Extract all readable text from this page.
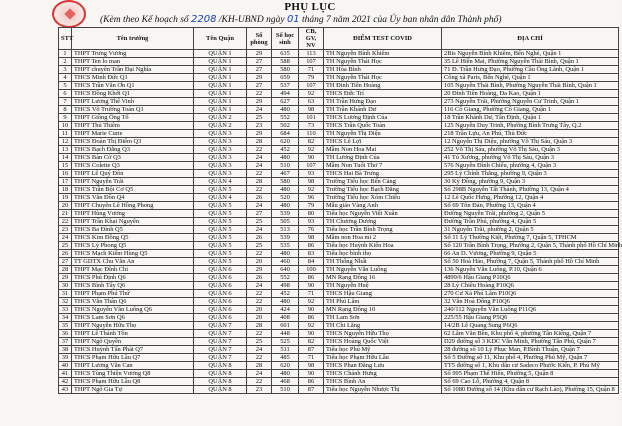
PHỤ LỤC
(Kèm theo Kế hoạch số 2208 /KH-UBND ngày 01 tháng 7 năm 2021 của Ủy ban nhân dân Thành phố)
STT	Tên trường	Tên Quận	Số phòng	Số học sinh	CB, GV, NV	ĐIỂM TEST COVID	ĐỊA CHỈ
1	THPT Trưng Vương	QUẬN 1	29	635	113	TH Nguyễn Bỉnh Khiêm	2Bis Nguyễn Bỉnh Khiêm, Bến Nghé, Quận 1
2	THPT Ten lo man	QUẬN 1	27	588	107	TH Nguyễn Thái Học	35 Lê Hiền Mai, Phường Nguyễn Thái Bình, Quận 1
3	THPT chuyên Trần Đại Nghĩa	QUẬN 1	27	580	71	TH Hòa Bình	71 Đ. Trần Hưng Đạo, Phường Cầu Ông Lãnh, Quận 1
4	THCS Minh Đức Q1	QUẬN 1	29	659	79	TH Nguyễn Thái Học	Công xã Paris, Bến Nghé, Quận 1
5	THCS Trần Văn Ơn Q1	QUẬN 1	27	537	107	TH Đinh Tiên Hoàng	105 Nguyễn Thái Bình, Phường Nguyễn Thái Bình, Quận 1
6	THCS Đồng Khởi Q1	QUẬN 1	22	494	92	THCS Đức Trí	20 Đinh Tiên Hoàng, Đa Kao, Quận 1
7	THPT Lương Thế Vinh	QUẬN 1	29	627	63	TH Trần Hưng Đạo	273 Nguyễn Trãi, Phường Nguyễn Cư Trinh, Quận 1
8	THCS Võ Trường Toản Q1	QUẬN 1	24	480	98	TH Trần Khánh Dư	116 Cô Giang, Phường Cô Giang, Quận 1
9	THPT Giồng Ông Tố	QUẬN 2	25	552	101	THCS Lương Định Của	18 Trần Khánh Dư, Tân Định, Quận 1
10	THPT Thủ Thiêm	QUẬN 2	23	502	73	THCS Trần Quốc Toản	125 Nguyễn Duy Trinh, Phường Bình Trưng Tây, Q.2
11	THPT Marie Curie	QUẬN 3	29	684	110	TH Nguyễn Thị Diệu	218 Trần Lựu, An Phú, Thủ Đức
12	THCS Đoàn Thị Điểm Q3	QUẬN 3	28	620	82	THCS Lê Lợi	12 Nguyễn Thị Diệu, phường Võ Thị Sáu, Quận 3
13	THCS Bạch Đằng Q3	QUẬN 3	22	452	92	Mầm Non Hoa Mai	252 Võ Thị Sáu, phường Võ Thị Sáu, Quận 3
14	THCS Bàn Cờ Q3	QUẬN 3	24	480	90	TH Lương Định Của	41 Tú Xương, phường Võ Thị Sáu, Quận 3
15	THCS Colette Q3	QUẬN 3	24	510	107	Mầm Non Tuổi Thơ 7	576 Nguyễn Đình Chiểu, phường 4, Quận 3
16	THPT Lê Quý Đôn	QUẬN 3	22	467	93	THCS Hai Bà Trưng	295 Lý Chính Thắng, phường 9, Quận 3
17	THPT Nguyễn Trãi	QUẬN 4	28	580	98	Trường Tiểu học Bến Cảng	30 Kỳ Đồng, phường 9, Quận 3
18	THCS Trần Bội Cơ Q5	QUẬN 5	22	480	92	Trường Tiểu học Bạch Đằng	Số 298B Nguyễn Tất Thành, Phường 13, Quận 4
19	THCS Văn Đồn Q4	QUẬN 4	26	520	96	Trường Tiểu học Xóm Chiếu	12 Lê Quốc Hưng, Phường 12, Quận 4
20	THPT Chuyên Lê Hồng Phong	QUẬN 5	24	480	79	Mẫu giáo Vàng Anh	Số 69 Tôn Đản, Phường 13, Quận 4
21	THPT Hùng Vương	QUẬN 5	27	539	80	Tiểu học Nguyễn Viết Xuân	Đường Nguyễn Trãi, phường 2, Quận 5
22	THPT Trần Khai Nguyên	QUẬN 5	25	505	93	TH Chương Dương	Đường Trần Phú, phường 4, Quận 5
23	THCS Ba Đình Q5	QUẬN 5	24	513	76	Tiểu học Trần Bình Trọng	31 Nguyễn Trãi, phường 2, Quận 5
24	THCS Kim Đồng Q5	QUẬN 5	26	539	98	Mầm non Hoa mi 2	Số 11 Lý Thường Kiệt, Phường 7, Quận 5, TPHCM
25	THCS Lý Phong Q5	QUẬN 5	25	535	86	Tiểu học Huỳnh Kiến Hoa	Số 120 Trần Bình Trọng, Phường 2, Quận 5, Thành phố Hồ Chí Minh
26	THCS Mạch Kiếm Hùng Q5	QUẬN 5	22	480	83	Tiểu học bình thọ	66 An D. Vương, Phường 9, Quận 5
27	TT GDTX Chu Văn An	QUẬN 5	20	460	84	TH Thống Nhất	Số 50 Hoà Hảo, Phường 7, Quận 5, Thành phố Hồ Chí Minh
28	THPT Mạc Đĩnh Chi	QUẬN 6	29	640	100	TH Nguyễn Văn Luông	136 Nguyễn Văn Luông, P.10, Quận 6
29	THCS Phú Định Q6	QUẬN 6	26	552	86	MN Rạng Đông 16	4899/6 Hậu Giang P10Q6
30	THCS Bình Tây Q6	QUẬN 6	24	498	90	TH Nguyễn Huệ	28 Lý Chiêu Hoàng P10Q6
31	THPT Phạm Phú Thứ	QUẬN 6	22	452	71	THCS Hậu Giang	270 Cư Xá Phú Lâm P10Q6
32	THCS Văn Thân Q6	QUẬN 6	22	480	92	TH Phú Lâm	32 Văn Hoà Đông P10Q6
33	THCS Nguyễn Văn Luông Q6	QUẬN 6	20	424	90	MN Rạng Đông 10	240/112 Nguyễn Văn Luông P11Q6
34	THCS Lam Sơn Q6	QUẬN 6	20	408	86	TH Lam Sơn	225/55 Hậu Giang P5Q6
35	THPT Nguyễn Hữu Thọ	QUẬN 7	28	601	92	TH Chi Lăng	14/2B Lê Quang Sung P6Q6
36	THPT Lê Thánh Tôn	QUẬN 7	22	448	90	THCS Nguyễn Hữu Thọ	62 Lâm Văn Bền, Khu phố 4, phường Tân Kiểng, Quận 7
37	THPT Ngô Quyền	QUẬN 7	25	525	82	THCS Hoàng Quốc Việt	D29 đường số 3 KDC Văn Minh, Phường Tân Phú, Quận 7
38	THCS Huỳnh Tấn Phát Q7	QUẬN 7	24	511	87	Tiểu học Phú Mỹ	28 đường số 10 Lý Phục Man, P.Bình Thuận, Quận 7
39	THCS Phạm Hữu Lầu Q7	QUẬN 7	22	485	71	Tiểu học Phạm Hữu Lầu	Số 5 Đường số 11, Khu phố 4, Phường Phú Mỹ, Quận 7
40	THPT Lương Văn Can	QUẬN 8	28	620	98	THCS Phan Đăng Lưu	TT5 đường số 1, Khu dân cư Sadeco Phước Kiển, P. Phú Mỹ
41	THCS Tùng Thiện Vương Q8	QUẬN 8	24	480	90	THCS Chánh Hưng	Số 995 Phạm Thế Hiển, Phường 5, Quận 8
42	THCS Phạm Hữu Lầu Q8	QUẬN 8	22	468	86	THCS Bình An	Số 69 Cao Lỗ, Phường 4, Quận 8
43	THPT Ngô Gia Tự	QUẬN 8	23	510	87	Tiểu học Nguyễn Nhược Thị	Số 1080 Đường số 14 (Khu dân cư Rạch Lào), Phường 15, Quận 8
